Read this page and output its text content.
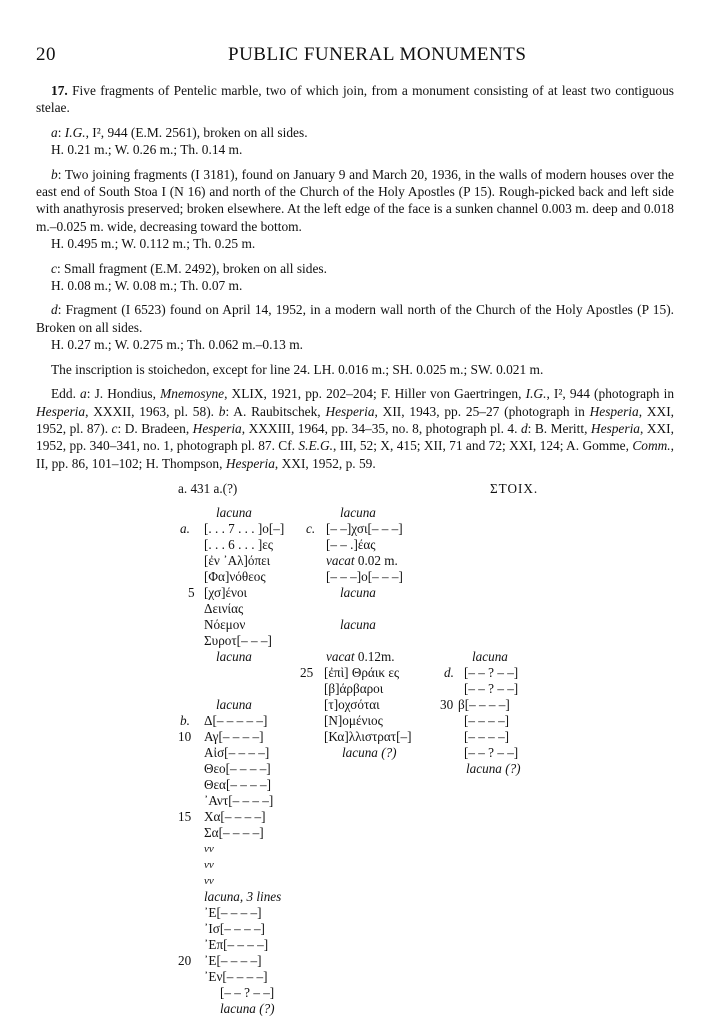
20	PUBLIC FUNERAL MONUMENTS

17. Five fragments of Pentelic marble, two of which join, from a monument consisting of at least two contiguous stelae.

a: I.G., I², 944 (E.M. 2561), broken on all sides.

H. 0.21 m.; W. 0.26 m.; Th. 0.14 m.

b: Two joining fragments (I 3181), found on January 9 and March 20, 1936, in the walls of modern houses over the east end of South Stoa I (N 16) and north of the Church of the Holy Apostles (P 15). Rough-picked back and left side with anathyrosis preserved; broken elsewhere. At the left edge of the face is a sunken channel 0.003 m. deep and 0.018 m.–0.025 m. wide, decreasing toward the bottom.

H. 0.495 m.; W. 0.112 m.; Th. 0.25 m.

c: Small fragment (E.M. 2492), broken on all sides.

H. 0.08 m.; W. 0.08 m.; Th. 0.07 m.

d: Fragment (I 6523) found on April 14, 1952, in a modern wall north of the Church of the Holy Apostles (P 15). Broken on all sides.

H. 0.27 m.; W. 0.275 m.; Th. 0.062 m.–0.13 m.

The inscription is stoichedon, except for line 24. LH. 0.016 m.; SH. 0.025 m.; SW. 0.021 m.

Edd. a: J. Hondius, Mnemosyne, XLIX, 1921, pp. 202–204; F. Hiller von Gaertringen, I.G., I², 944 (photograph in Hesperia, XXXII, 1963, pl. 58). b: A. Raubitschek, Hesperia, XII, 1943, pp. 25–27 (photograph in Hesperia, XXI, 1952, pl. 87). c: D. Bradeen, Hesperia, XXXIII, 1964, pp. 34–35, no. 8, photograph pl. 4. d: B. Meritt, Hesperia, XXI, 1952, pp. 340–341, no. 1, photograph pl. 87. Cf. S.E.G., III, 52; X, 415; XII, 71 and 72; XXI, 124; A. Gomme, Comm., II, pp. 86, 101–102; H. Thompson, Hesperia, XXI, 1952, p. 59.

a. 431 a.(?)	ΣΤΟΙΧ.
lacuna
a. [. . . 7 . . . ]ο[–]
[. . . 6 . . . ]ες
[ἐν ᾿Αλ]όπει
[Φα]νόθεος
5 [χσ]ένοι
Δεινίας
Νόεμον
Συροτ[– – –]
lacuna
lacuna
b. Δ[– – – – –]
10 Αγ[– – – –]
Αἰσ[– – – –]
Θεο[– – – –]
Θεα[– – – –]
᾿Αντ[– – – –]
15 Χα[– – – –]
Σα[– – – –]
vv
vv
vv
lacuna, 3 lines
᾿Ε[– – – –]
᾿Ισ[– – – –]
᾿Επ[– – – –]
20 ᾿Ε[– – – –]
᾿Εν[– – – –]
[– – ? – –]
lacuna (?)
lacuna
c. [– –]χσι[– – –]
[– – .]έας
vacat 0.02 m.
[– – –]ο[– – –]
lacuna
lacuna
vacat 0.12m.
25 [ἐπὶ] Θράικ ες
[β]άρβαροι
[τ]οχσόται
[Ν]ομένιος
[Κα]λλιστρατ[–]
lacuna (?)
lacuna
d. [– – ? – –]
[– – ? – –]
30 β[– – – –]
[– – – –]
[– – – –]
[– – ? – –]
lacuna (?)
